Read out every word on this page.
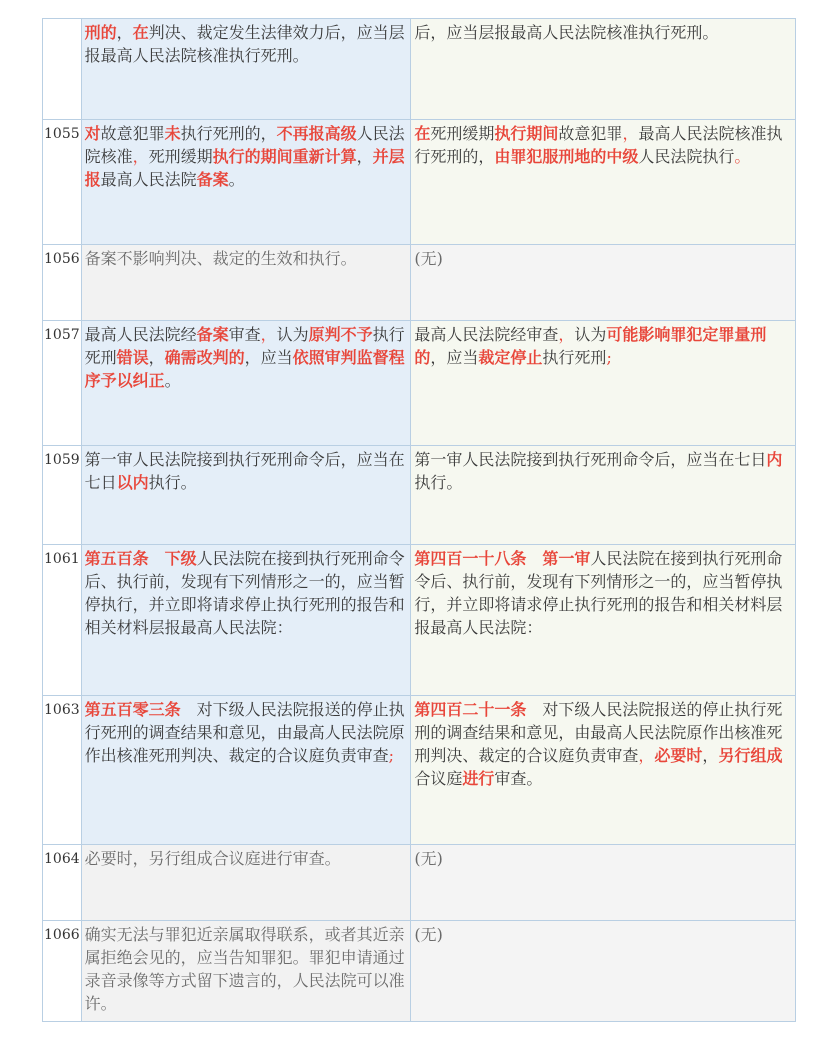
	刑的，在判决、裁定发生法律效力后，应当层报最高人民法院核准执行死刑。	后，应当层报最高人民法院核准执行死刑。
1055	对故意犯罪未执行死刑的，不再报高级人民法院核准，死刑缓期执行的期间重新计算，并层报最高人民法院备案。	在死刑缓期执行期间故意犯罪，最高人民法院核准执行死刑的，由罪犯服刑地的中级人民法院执行。
1056	备案不影响判决、裁定的生效和执行。	(无)
1057	最高人民法院经备案审查，认为原判不予执行死刑错误，确需改判的，应当依照审判监督程序予以纠正。	最高人民法院经审查，认为可能影响罪犯定罪量刑的，应当裁定停止执行死刑;
1059	第一审人民法院接到执行死刑命令后，应当在七日以内执行。	第一审人民法院接到执行死刑命令后，应当在七日内执行。
1061	第五百条　 下级人民法院在接到执行死刑命令后、执行前，发现有下列情形之一的，应当暂停执行，并立即将请求停止执行死刑的报告和相关材料层报最高人民法院：	第四百一十八条　 第一审人民法院在接到执行死刑命令后、执行前，发现有下列情形之一的，应当暂停执行，并立即将请求停止执行死刑的报告和相关材料层报最高人民法院：
1063	第五百零三条　 对下级人民法院报送的停止执行死刑的调查结果和意见，由最高人民法院原作出核准死刑判决、裁定的合议庭负责审查;	第四百二十一条　 对下级人民法院报送的停止执行死刑的调查结果和意见，由最高人民法院原作出核准死刑判决、裁定的合议庭负责审查，必要时，另行组成合议庭进行审查。
1064	必要时，另行组成合议庭进行审查。	(无)
1066	确实无法与罪犯近亲属取得联系，或者其近亲属拒绝会见的，应当告知罪犯。罪犯申请通过录音录像等方式留下遗言的，人民法院可以准许。	(无)
